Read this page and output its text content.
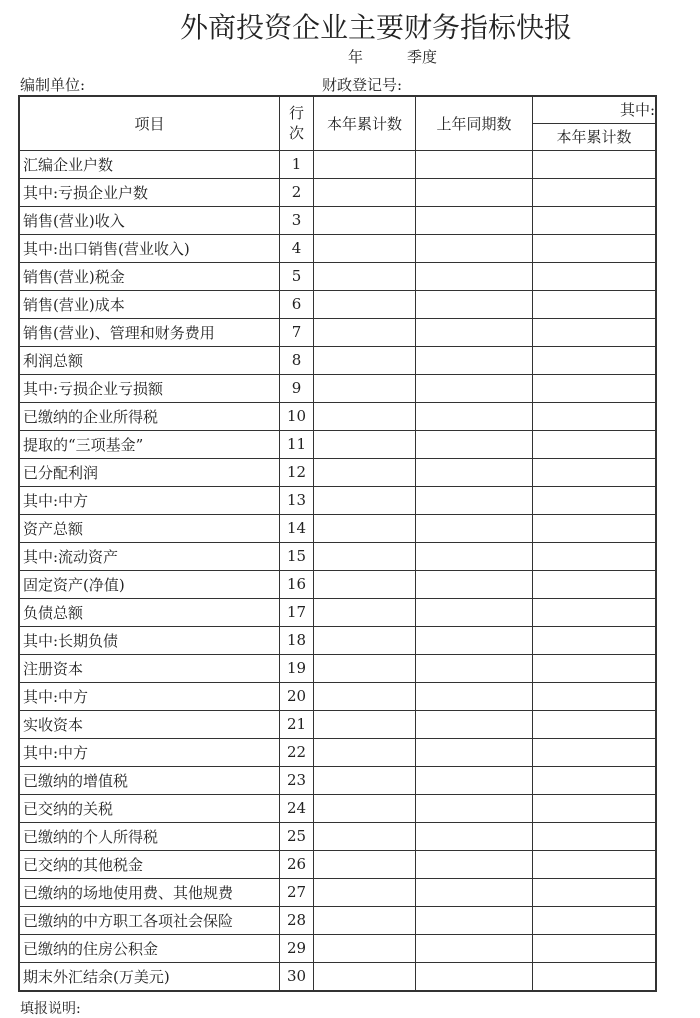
外商投资企业主要财务指标快报
年	季度
编制单位:	财政登记号:
项目	行次	本年累计数	上年同期数	其中:
				本年累计数
汇编企业户数	1			
其中:亏损企业户数	2			
销售(营业)收入	3			
其中:出口销售(营业收入)	4			
销售(营业)税金	5			
销售(营业)成本	6			
销售(营业)、管理和财务费用	7			
利润总额	8			
其中:亏损企业亏损额	9			
已缴纳的企业所得税	10			
提取的“三项基金”	11			
已分配利润	12			
其中:中方	13			
资产总额	14			
其中:流动资产	15			
固定资产(净值)	16			
负债总额	17			
其中:长期负债	18			
注册资本	19			
其中:中方	20			
实收资本	21			
其中:中方	22			
已缴纳的增值税	23			
已交纳的关税	24			
已缴纳的个人所得税	25			
已交纳的其他税金	26			
已缴纳的场地使用费、其他规费	27			
已缴纳的中方职工各项社会保险	28			
已缴纳的住房公积金	29			
期末外汇结余(万美元)	30			
填报说明:
